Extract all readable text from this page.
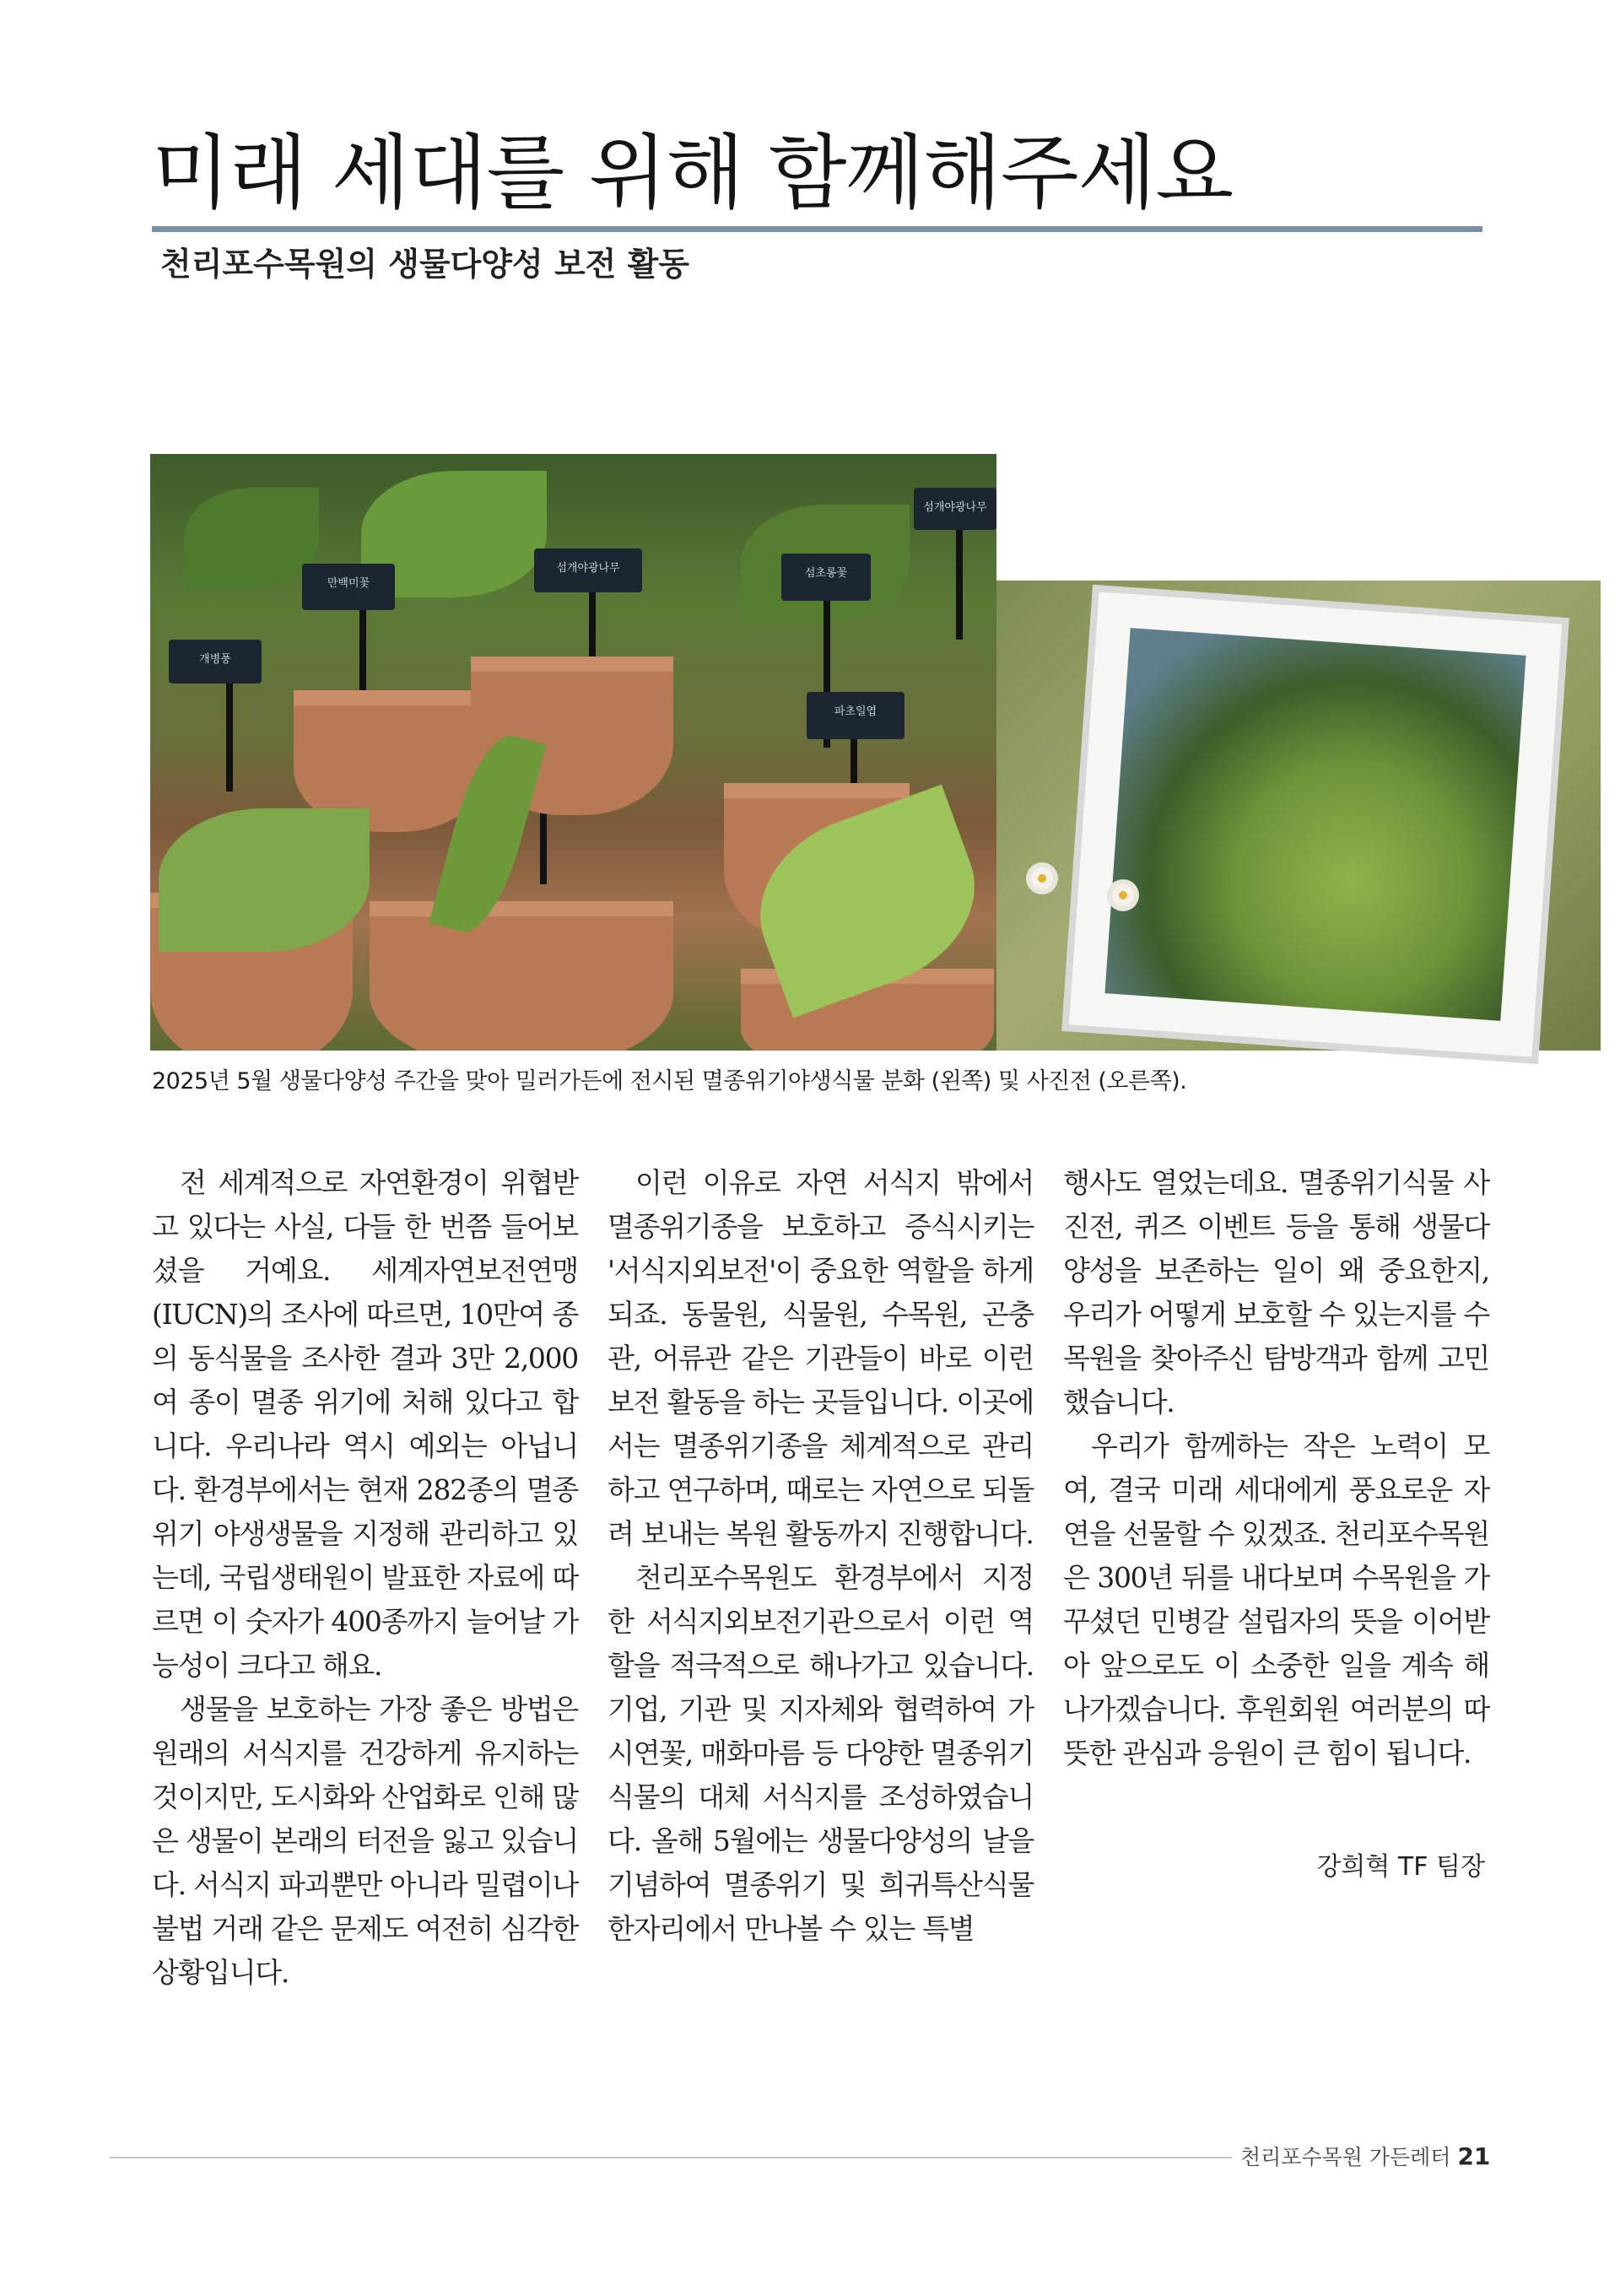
미래 세대를 위해 함께해주세요
천리포수목원의 생물다양성 보전 활동
개병풍
만백미꽃
섬개야광나무	섬초롱꽃
파초일엽
섬개야광나무
2025년 5월 생물다양성 주간을 맞아 밀러가든에 전시된 멸종위기야생식물 분화 (왼쪽) 및 사진전 (오른쪽).

전 세계적으로 자연환경이 위협받고 있다는 사실, 다들 한 번쯤 들어보셨을 거예요. 세계자연보전연맹(IUCN)의 조사에 따르면, 10만여 종의 동식물을 조사한 결과 3만 2,000여 종이 멸종 위기에 처해 있다고 합니다. 우리나라 역시 예외는 아닙니다. 환경부에서는 현재 282종의 멸종위기 야생생물을 지정해 관리하고 있는데, 국립생태원이 발표한 자료에 따르면 이 숫자가 400종까지 늘어날 가능성이 크다고 해요.

생물을 보호하는 가장 좋은 방법은 원래의 서식지를 건강하게 유지하는 것이지만, 도시화와 산업화로 인해 많은 생물이 본래의 터전을 잃고 있습니다. 서식지 파괴뿐만 아니라 밀렵이나 불법 거래 같은 문제도 여전히 심각한 상황입니다.

이런 이유로 자연 서식지 밖에서 멸종위기종을 보호하고 증식시키는 '서식지외보전'이 중요한 역할을 하게 되죠. 동물원, 식물원, 수목원, 곤충관, 어류관 같은 기관들이 바로 이런 보전 활동을 하는 곳들입니다. 이곳에서는 멸종위기종을 체계적으로 관리하고 연구하며, 때로는 자연으로 되돌려 보내는 복원 활동까지 진행합니다.

천리포수목원도 환경부에서 지정한 서식지외보전기관으로서 이런 역할을 적극적으로 해나가고 있습니다. 기업, 기관 및 지자체와 협력하여 가시연꽃, 매화마름 등 다양한 멸종위기식물의 대체 서식지를 조성하였습니다. 올해 5월에는 생물다양성의 날을 기념하여 멸종위기 및 희귀특산식물 한자리에서 만나볼 수 있는 특별

행사도 열었는데요. 멸종위기식물 사진전, 퀴즈 이벤트 등을 통해 생물다양성을 보존하는 일이 왜 중요한지, 우리가 어떻게 보호할 수 있는지를 수목원을 찾아주신 탐방객과 함께 고민했습니다.

우리가 함께하는 작은 노력이 모여, 결국 미래 세대에게 풍요로운 자연을 선물할 수 있겠죠. 천리포수목원은 300년 뒤를 내다보며 수목원을 가꾸셨던 민병갈 설립자의 뜻을 이어받아 앞으로도 이 소중한 일을 계속 해나가겠습니다. 후원회원 여러분의 따뜻한 관심과 응원이 큰 힘이 됩니다.

강희혁 TF 팀장
천리포수목원 가든레터 21
